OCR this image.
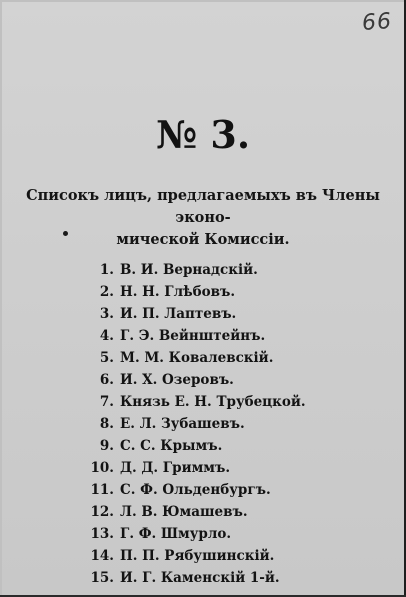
66
№ 3.
Списокъ лицъ, предлагаемыхъ въ Члены эконо-
мической Комиссіи.
1. В. И. Вернадскій.
2. Н. Н. Глѣбовъ.
3. И. П. Лаптевъ.
4. Г. Э. Вейнштейнъ.
5. М. М. Ковалевскій.
6. И. Х. Озеровъ.
7. Князь Е. Н. Трубецкой.
8. Е. Л. Зубашевъ.
9. С. С. Крымъ.
10. Д. Д. Гриммъ.
11. С. Ф. Ольденбургъ.
12. Л. В. Юмашевъ.
13. Г. Ф. Шмурло.
14. П. П. Рябушинскій.
15. И. Г. Каменскій 1-й.
